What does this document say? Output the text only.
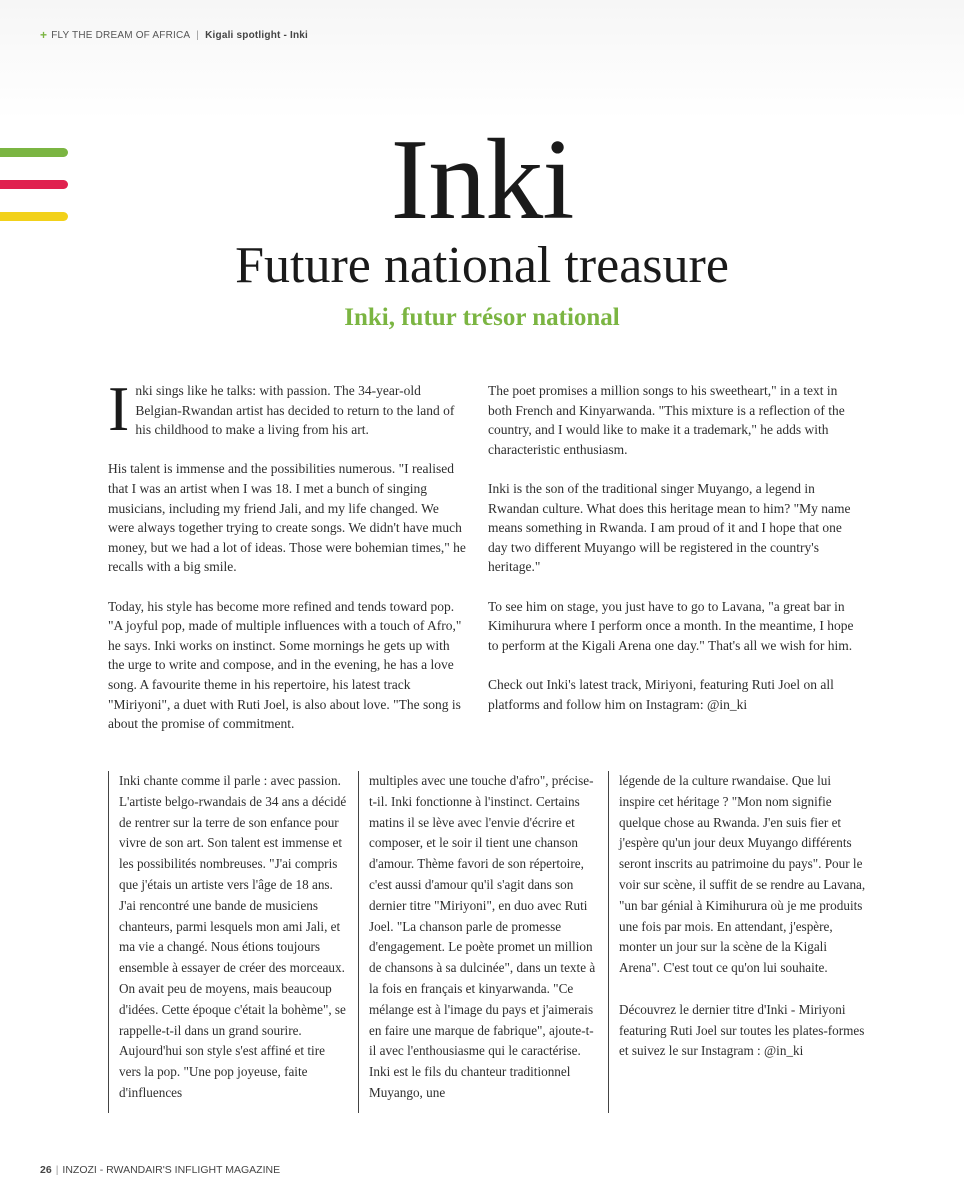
+ FLY THE DREAM OF AFRICA | Kigali spotlight - Inki
Inki
Future national treasure
Inki, futur trésor national

Inki sings like he talks: with passion. The 34-year-old Belgian-Rwandan artist has decided to return to the land of his childhood to make a living from his art.

His talent is immense and the possibilities numerous. "I realised that I was an artist when I was 18. I met a bunch of singing musicians, including my friend Jali, and my life changed. We were always together trying to create songs. We didn't have much money, but we had a lot of ideas. Those were bohemian times," he recalls with a big smile.

Today, his style has become more refined and tends toward pop. "A joyful pop, made of multiple influences with a touch of Afro," he says. Inki works on instinct. Some mornings he gets up with the urge to write and compose, and in the evening, he has a love song. A favourite theme in his repertoire, his latest track "Miriyoni", a duet with Ruti Joel, is also about love. "The song is about the promise of commitment.

The poet promises a million songs to his sweetheart," in a text in both French and Kinyarwanda. "This mixture is a reflection of the country, and I would like to make it a trademark," he adds with characteristic enthusiasm.

Inki is the son of the traditional singer Muyango, a legend in Rwandan culture. What does this heritage mean to him? "My name means something in Rwanda. I am proud of it and I hope that one day two different Muyango will be registered in the country's heritage."

To see him on stage, you just have to go to Lavana, "a great bar in Kimihurura where I perform once a month. In the meantime, I hope to perform at the Kigali Arena one day." That's all we wish for him.

Check out Inki's latest track, Miriyoni, featuring Ruti Joel on all platforms and follow him on Instagram: @in_ki

Inki chante comme il parle : avec passion. L'artiste belgo-rwandais de 34 ans a décidé de rentrer sur la terre de son enfance pour vivre de son art. Son talent est immense et les possibilités nombreuses. "J'ai compris que j'étais un artiste vers l'âge de 18 ans. J'ai rencontré une bande de musiciens chanteurs, parmi lesquels mon ami Jali, et ma vie a changé. Nous étions toujours ensemble à essayer de créer des morceaux. On avait peu de moyens, mais beaucoup d'idées. Cette époque c'était la bohème", se rappelle-t-il dans un grand sourire. Aujourd'hui son style s'est affiné et tire vers la pop. "Une pop joyeuse, faite d'influences

multiples avec une touche d'afro", précise-t-il. Inki fonctionne à l'instinct. Certains matins il se lève avec l'envie d'écrire et composer, et le soir il tient une chanson d'amour. Thème favori de son répertoire, c'est aussi d'amour qu'il s'agit dans son dernier titre "Miriyoni", en duo avec Ruti Joel. "La chanson parle de promesse d'engagement. Le poète promet un million de chansons à sa dulcinée", dans un texte à la fois en français et kinyarwanda. "Ce mélange est à l'image du pays et j'aimerais en faire une marque de fabrique", ajoute-t-il avec l'enthousiasme qui le caractérise. Inki est le fils du chanteur traditionnel Muyango, une

légende de la culture rwandaise. Que lui inspire cet héritage ? "Mon nom signifie quelque chose au Rwanda. J'en suis fier et j'espère qu'un jour deux Muyango différents seront inscrits au patrimoine du pays". Pour le voir sur scène, il suffit de se rendre au Lavana, "un bar génial à Kimihurura où je me produits une fois par mois. En attendant, j'espère, monter un jour sur la scène de la Kigali Arena". C'est tout ce qu'on lui souhaite.

Découvrez le dernier titre d'Inki - Miriyoni featuring Ruti Joel sur toutes les plates-formes et suivez le sur Instagram : @in_ki

26 | INZOZI - RWANDAIR'S INFLIGHT MAGAZINE
